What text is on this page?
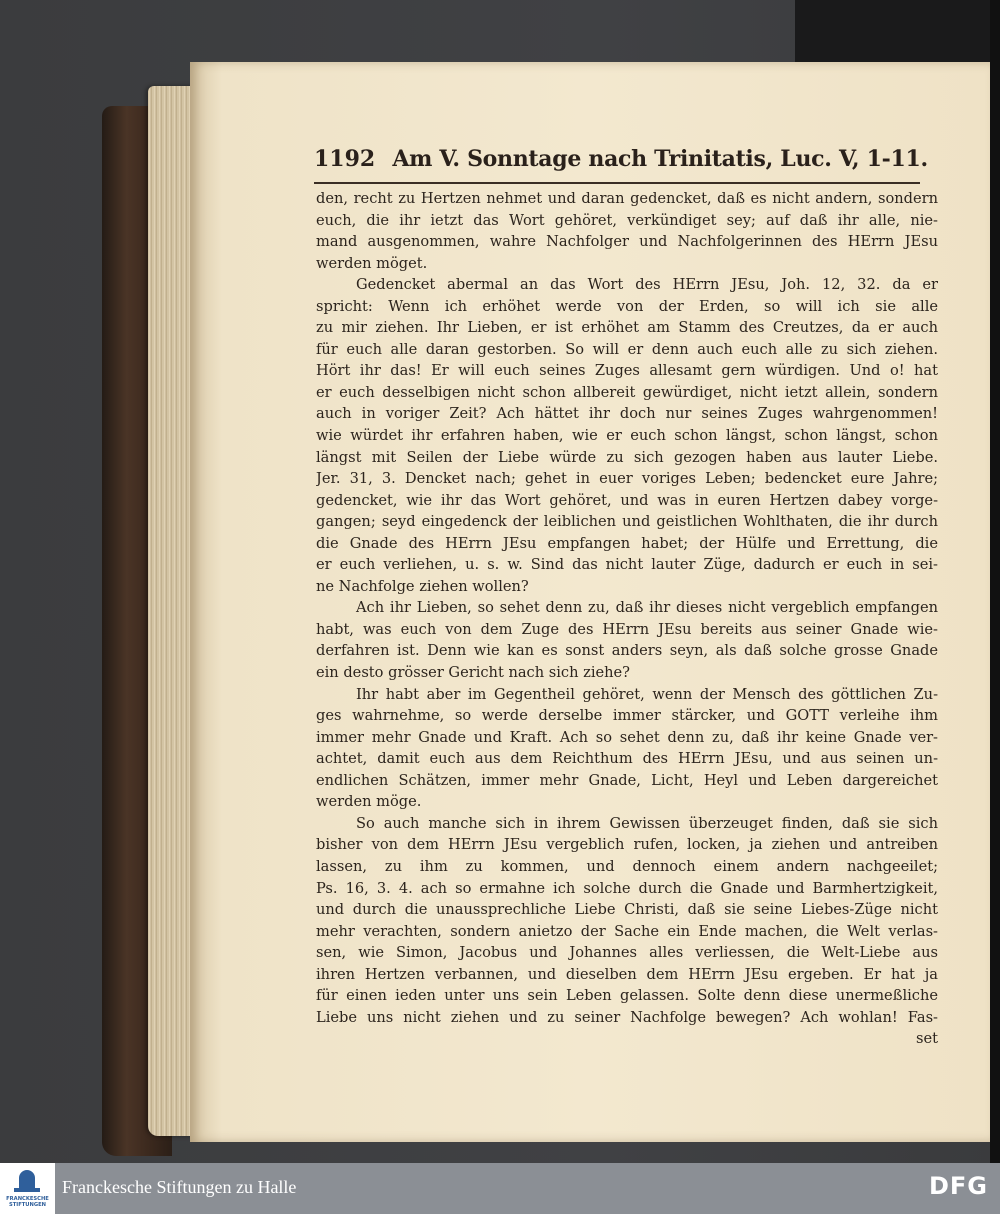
1192 Am V. Sonntage nach Trinitatis, Luc. V, 1-11.
den, recht zu Hertzen nehmet und daran gedencket, daß es nicht andern, sondern
euch, die ihr ietzt das Wort gehöret, verkündiget sey; auf daß ihr alle, nie-
mand ausgenommen, wahre Nachfolger und Nachfolgerinnen des HErrn JEsu
werden möget.
Gedencket abermal an das Wort des HErrn JEsu, Joh. 12, 32. da er
spricht: Wenn ich erhöhet werde von der Erden, so will ich sie alle
zu mir ziehen. Ihr Lieben, er ist erhöhet am Stamm des Creutzes, da er auch
für euch alle daran gestorben. So will er denn auch euch alle zu sich ziehen.
Hört ihr das! Er will euch seines Zuges allesamt gern würdigen. Und o! hat
er euch desselbigen nicht schon allbereit gewürdiget, nicht ietzt allein, sondern
auch in voriger Zeit? Ach hättet ihr doch nur seines Zuges wahrgenommen!
wie würdet ihr erfahren haben, wie er euch schon längst, schon längst, schon
längst mit Seilen der Liebe würde zu sich gezogen haben aus lauter Liebe.
Jer. 31, 3. Dencket nach; gehet in euer voriges Leben; bedencket eure Jahre;
gedencket, wie ihr das Wort gehöret, und was in euren Hertzen dabey vorge-
gangen; seyd eingedenck der leiblichen und geistlichen Wohlthaten, die ihr durch
die Gnade des HErrn JEsu empfangen habet; der Hülfe und Errettung, die
er euch verliehen, u. s. w. Sind das nicht lauter Züge, dadurch er euch in sei-
ne Nachfolge ziehen wollen?
Ach ihr Lieben, so sehet denn zu, daß ihr dieses nicht vergeblich empfangen
habt, was euch von dem Zuge des HErrn JEsu bereits aus seiner Gnade wie-
derfahren ist. Denn wie kan es sonst anders seyn, als daß solche grosse Gnade
ein desto grösser Gericht nach sich ziehe?
Ihr habt aber im Gegentheil gehöret, wenn der Mensch des göttlichen Zu-
ges wahrnehme, so werde derselbe immer stärcker, und GOTT verleihe ihm
immer mehr Gnade und Kraft. Ach so sehet denn zu, daß ihr keine Gnade ver-
achtet, damit euch aus dem Reichthum des HErrn JEsu, und aus seinen un-
endlichen Schätzen, immer mehr Gnade, Licht, Heyl und Leben dargereichet
werden möge.
So auch manche sich in ihrem Gewissen überzeuget finden, daß sie sich
bisher von dem HErrn JEsu vergeblich rufen, locken, ja ziehen und antreiben
lassen, zu ihm zu kommen, und dennoch einem andern nachgeeilet;
Ps. 16, 3. 4. ach so ermahne ich solche durch die Gnade und Barmhertzigkeit,
und durch die unaussprechliche Liebe Christi, daß sie seine Liebes-Züge nicht
mehr verachten, sondern anietzo der Sache ein Ende machen, die Welt verlas-
sen, wie Simon, Jacobus und Johannes alles verliessen, die Welt-Liebe aus
ihren Hertzen verbannen, und dieselben dem HErrn JEsu ergeben. Er hat ja
für einen ieden unter uns sein Leben gelassen. Solte denn diese unermeßliche
Liebe uns nicht ziehen und zu seiner Nachfolge bewegen? Ach wohlan! Fas-
set
FRANCKESCHE STIFTUNGEN
Franckesche Stiftungen zu Halle	DFG
